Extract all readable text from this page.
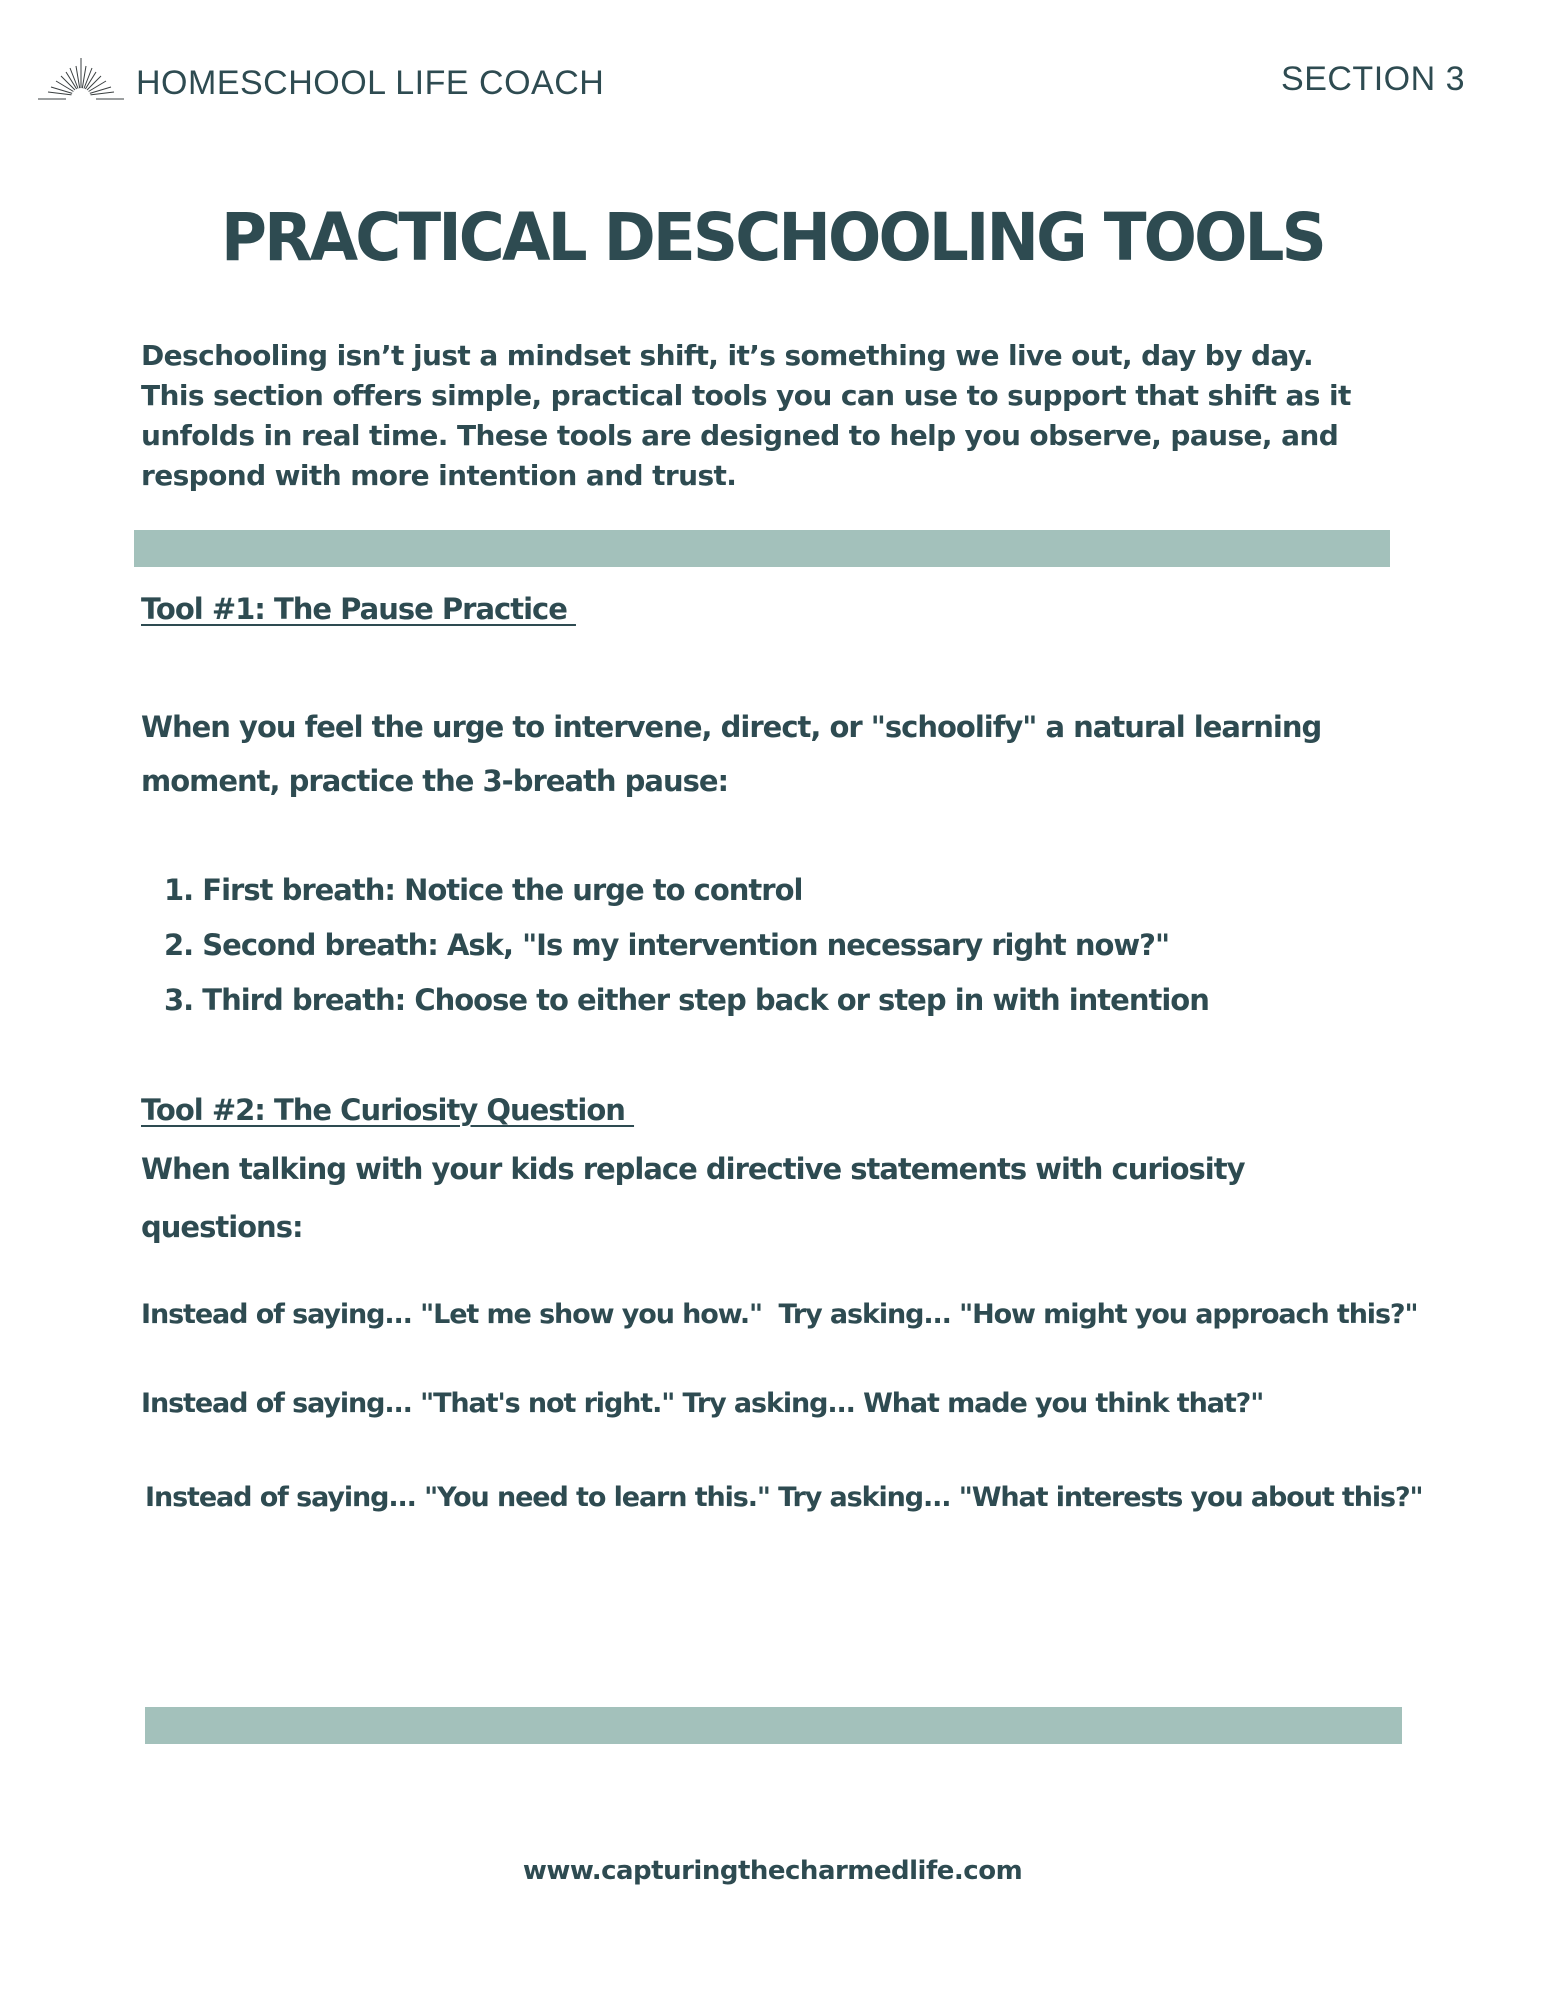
HOMESCHOOL LIFE COACH	SECTION 3
PRACTICAL DESCHOOLING TOOLS
Deschooling isn’t just a mindset shift, it’s something we live out, day by day.
This section offers simple, practical tools you can use to support that shift as it
unfolds in real time. These tools are designed to help you observe, pause, and
respond with more intention and trust.
Tool #1: The Pause Practice
When you feel the urge to intervene, direct, or "schoolify" a natural learning
moment, practice the 3-breath pause:
1. First breath: Notice the urge to control
2. Second breath: Ask, "Is my intervention necessary right now?"
3. Third breath: Choose to either step back or step in with intention
Tool #2: The Curiosity Question
When talking with your kids replace directive statements with curiosity
questions:
Instead of saying... "Let me show you how."  Try asking... "How might you approach this?"
Instead of saying... "That's not right." Try asking... What made you think that?"
Instead of saying... "You need to learn this." Try asking... "What interests you about this?"
www.capturingthecharmedlife.com
